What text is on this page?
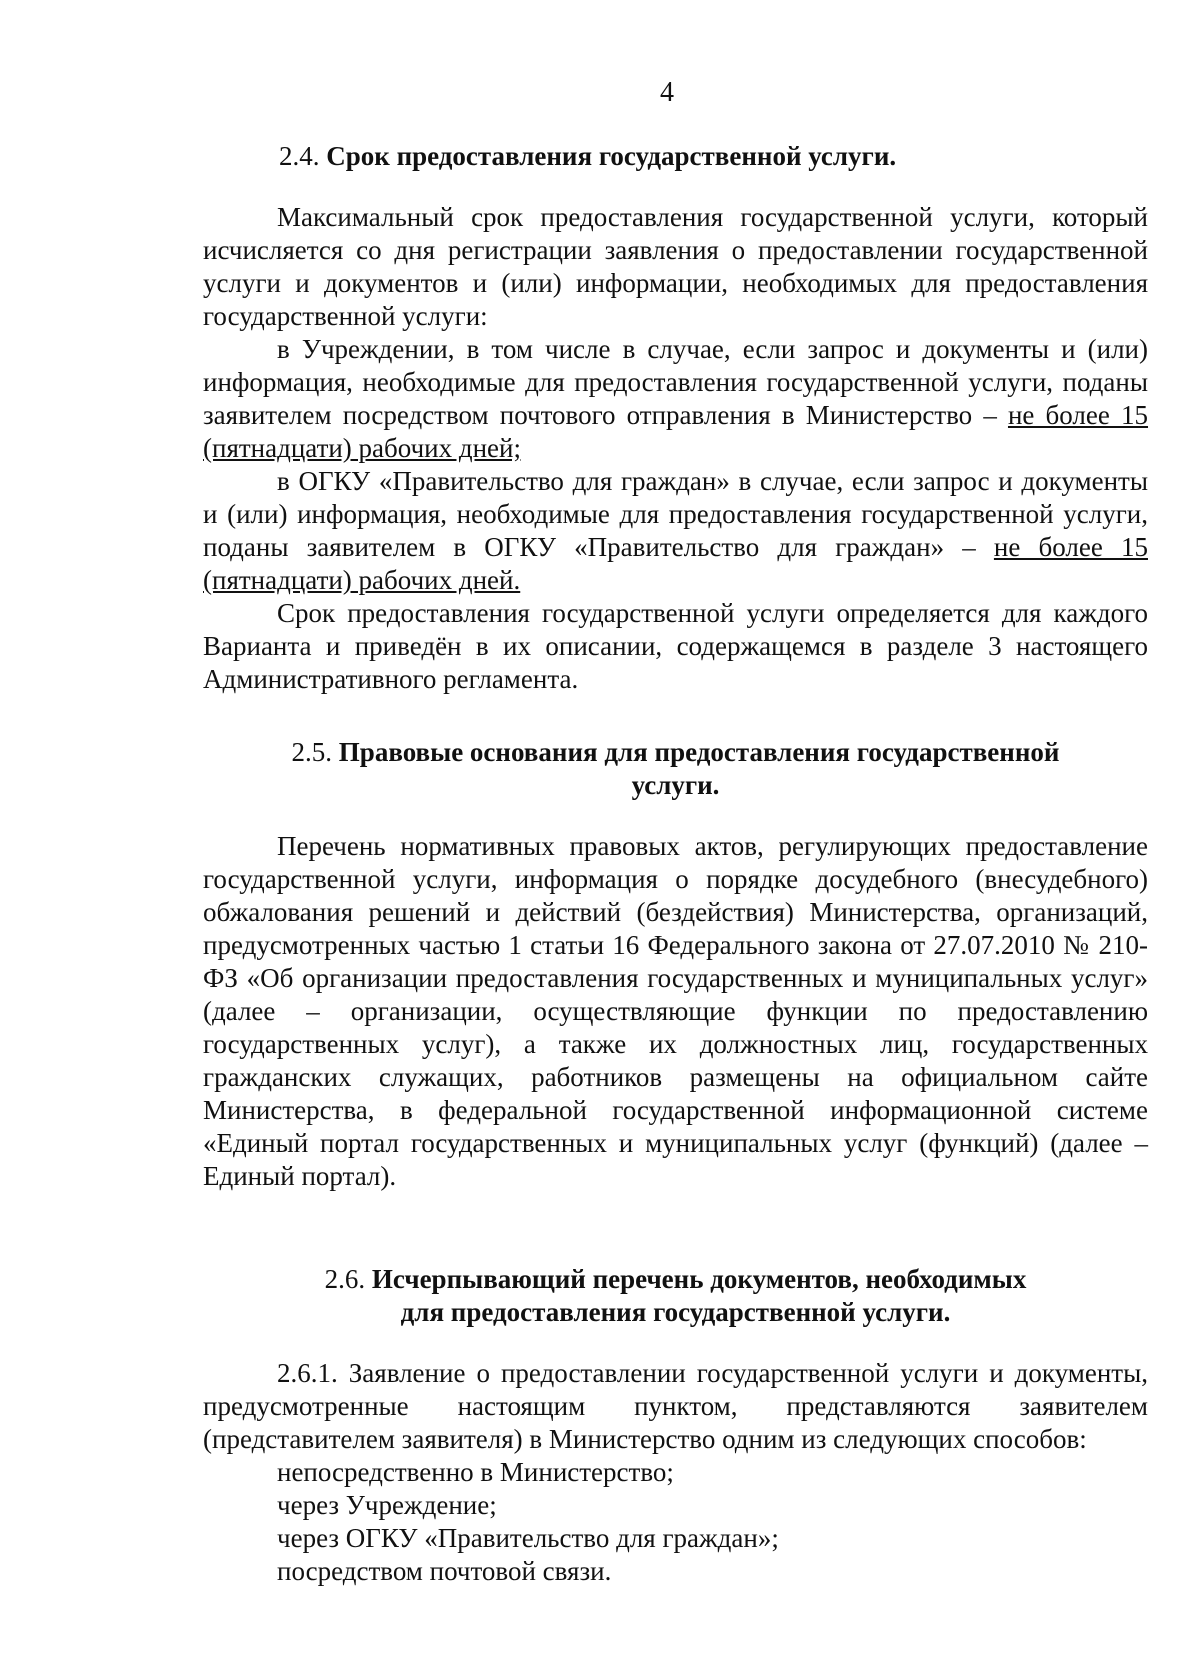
4

2.4. Срок предоставления государственной услуги.

Максимальный срок предоставления государственной услуги, который исчисляется со дня регистрации заявления о предоставлении государственной услуги и документов и (или) информации, необходимых для предоставления государственной услуги:

в Учреждении, в том числе в случае, если запрос и документы и (или) информация, необходимые для предоставления государственной услуги, поданы заявителем посредством почтового отправления в Министерство – не более 15 (пятнадцати) рабочих дней;

в ОГКУ «Правительство для граждан» в случае, если запрос и документы и (или) информация, необходимые для предоставления государственной услуги, поданы заявителем в ОГКУ «Правительство для граждан» – не более 15 (пятнадцати) рабочих дней.

Срок предоставления государственной услуги определяется для каждого Варианта и приведён в их описании, содержащемся в разделе 3 настоящего Административного регламента.

2.5. Правовые основания для предоставления государственной

услуги.

Перечень нормативных правовых актов, регулирующих предоставление государственной услуги, информация о порядке досудебного (внесудебного) обжалования решений и действий (бездействия) Министерства, организаций, предусмотренных частью 1 статьи 16 Федерального закона от 27.07.2010 № 210-ФЗ «Об организации предоставления государственных и муниципальных услуг» (далее – организации, осуществляющие функции по предоставлению государственных услуг), а также их должностных лиц, государственных гражданских служащих, работников размещены на официальном сайте Министерства, в федеральной государственной информационной системе «Единый портал государственных и муниципальных услуг (функций) (далее – Единый портал).

2.6. Исчерпывающий перечень документов, необходимых

для предоставления государственной услуги.

2.6.1. Заявление о предоставлении государственной услуги и документы, предусмотренные настоящим пунктом, представляются заявителем (представителем заявителя) в Министерство одним из следующих способов:

непосредственно в Министерство;

через Учреждение;

через ОГКУ «Правительство для граждан»;

посредством почтовой связи.
